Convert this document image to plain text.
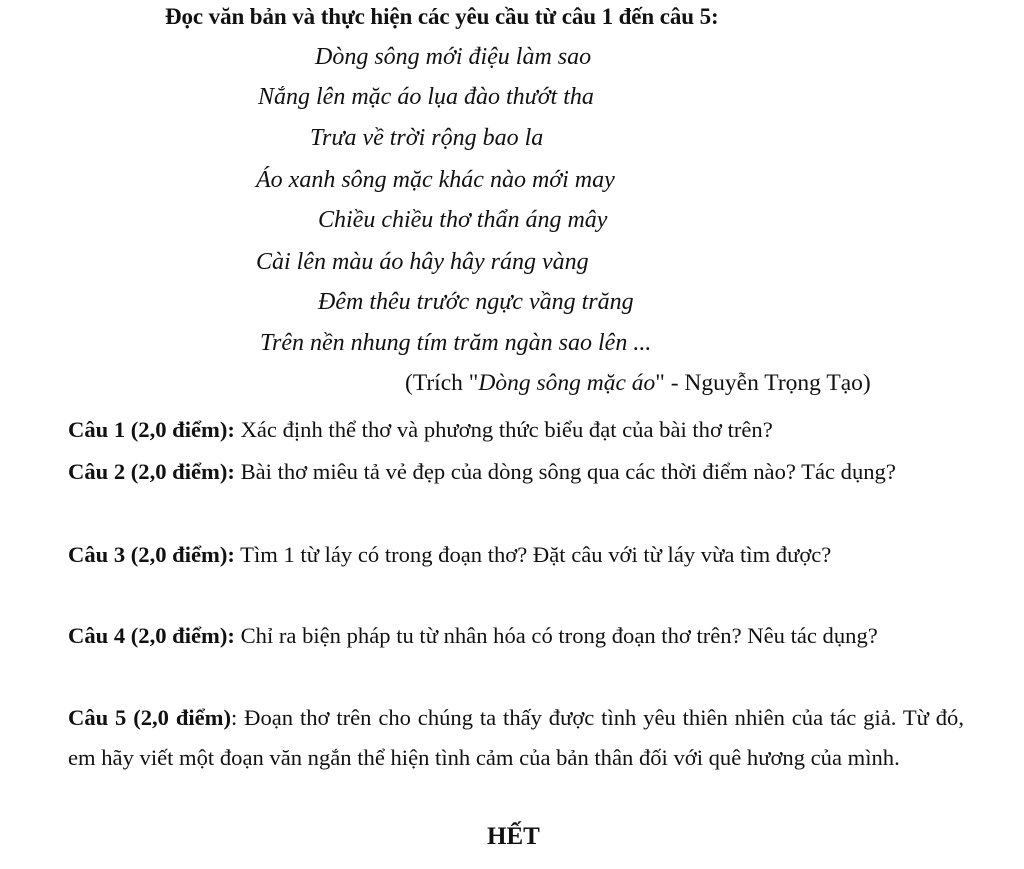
Đọc văn bản và thực hiện các yêu cầu từ câu 1 đến câu 5:
Dòng sông mới điệu làm sao
Nắng lên mặc áo lụa đào thướt tha
Trưa về trời rộng bao la
Áo xanh sông mặc khác nào mới may
Chiều chiều thơ thẩn áng mây
Cài lên màu áo hây hây ráng vàng
Đêm thêu trước ngực vầng trăng
Trên nền nhung tím trăm ngàn sao lên ...
(Trích "Dòng sông mặc áo" - Nguyễn Trọng Tạo)
Câu 1 (2,0 điểm): Xác định thể thơ và phương thức biểu đạt của bài thơ trên?
Câu 2 (2,0 điểm): Bài thơ miêu tả vẻ đẹp của dòng sông qua các thời điểm nào? Tác dụng?
Câu 3 (2,0 điểm): Tìm 1 từ láy có trong đoạn thơ? Đặt câu với từ láy vừa tìm được?
Câu 4 (2,0 điểm): Chỉ ra biện pháp tu từ nhân hóa có trong đoạn thơ trên? Nêu tác dụng?
Câu 5 (2,0 điểm): Đoạn thơ trên cho chúng ta thấy được tình yêu thiên nhiên của tác giả. Từ đó, em hãy viết một đoạn văn ngắn thể hiện tình cảm của bản thân đối với quê hương của mình.
HẾT
